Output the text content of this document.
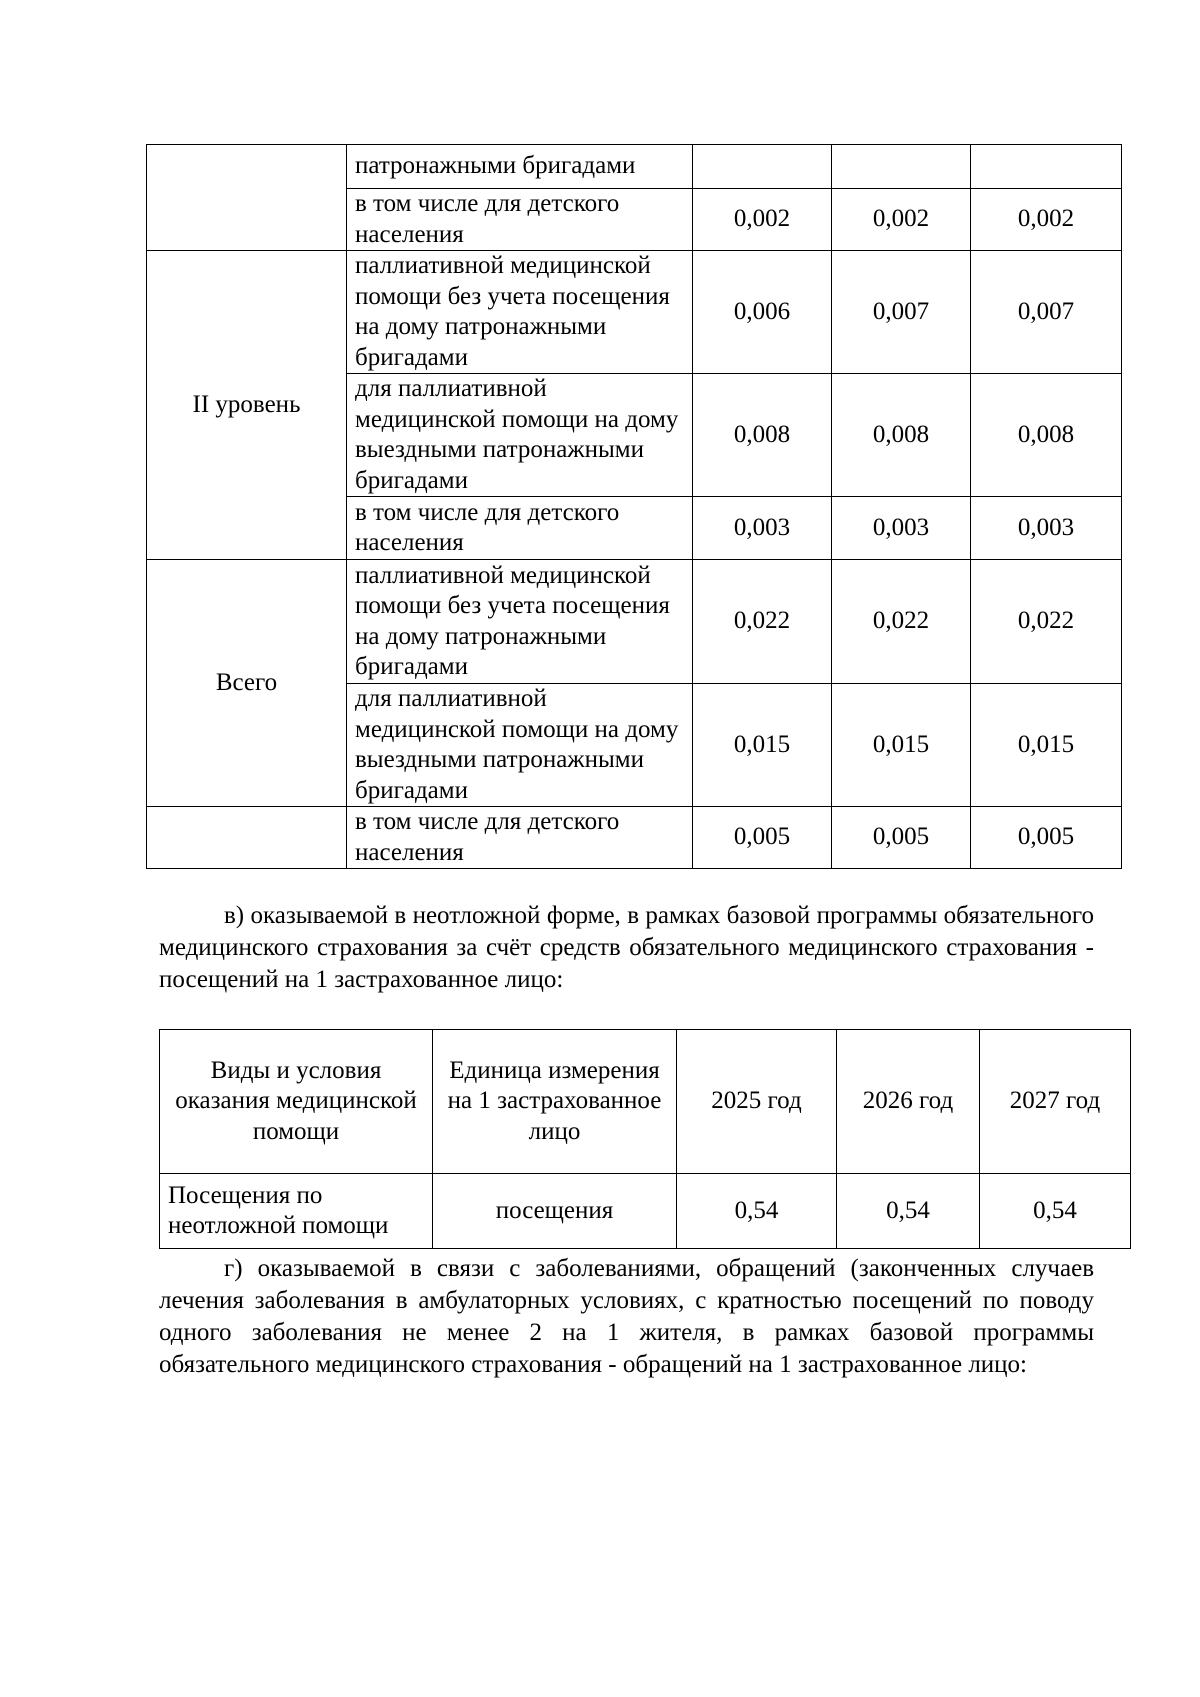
	патронажными бригадами			
	в том числе для детского населения	0,002	0,002	0,002
II уровень	паллиативной медицинской помощи без учета посещения на дому патронажными бригадами	0,006	0,007	0,007
	для паллиативной медицинской помощи на дому выездными патронажными бригадами	0,008	0,008	0,008
	в том числе для детского населения	0,003	0,003	0,003
Всего	паллиативной медицинской помощи без учета посещения на дому патронажными бригадами	0,022	0,022	0,022
	для паллиативной медицинской помощи на дому выездными патронажными бригадами	0,015	0,015	0,015
	в том числе для детского населения	0,005	0,005	0,005

в) оказываемой в неотложной форме, в рамках базовой программы обязательного медицинского страхования за счёт средств обязательного медицинского страхования - посещений на 1 застрахованное лицо:

Виды и условия оказания медицинской помощи	Единица измерения на 1 застрахованное лицо	2025 год	2026 год	2027 год
Посещения по неотложной помощи	посещения	0,54	0,54	0,54

г) оказываемой в связи с заболеваниями, обращений (законченных случаев лечения заболевания в амбулаторных условиях, с кратностью посещений по поводу одного заболевания не менее 2 на 1 жителя, в рамках базовой программы обязательного медицинского страхования - обращений на 1 застрахованное лицо:
